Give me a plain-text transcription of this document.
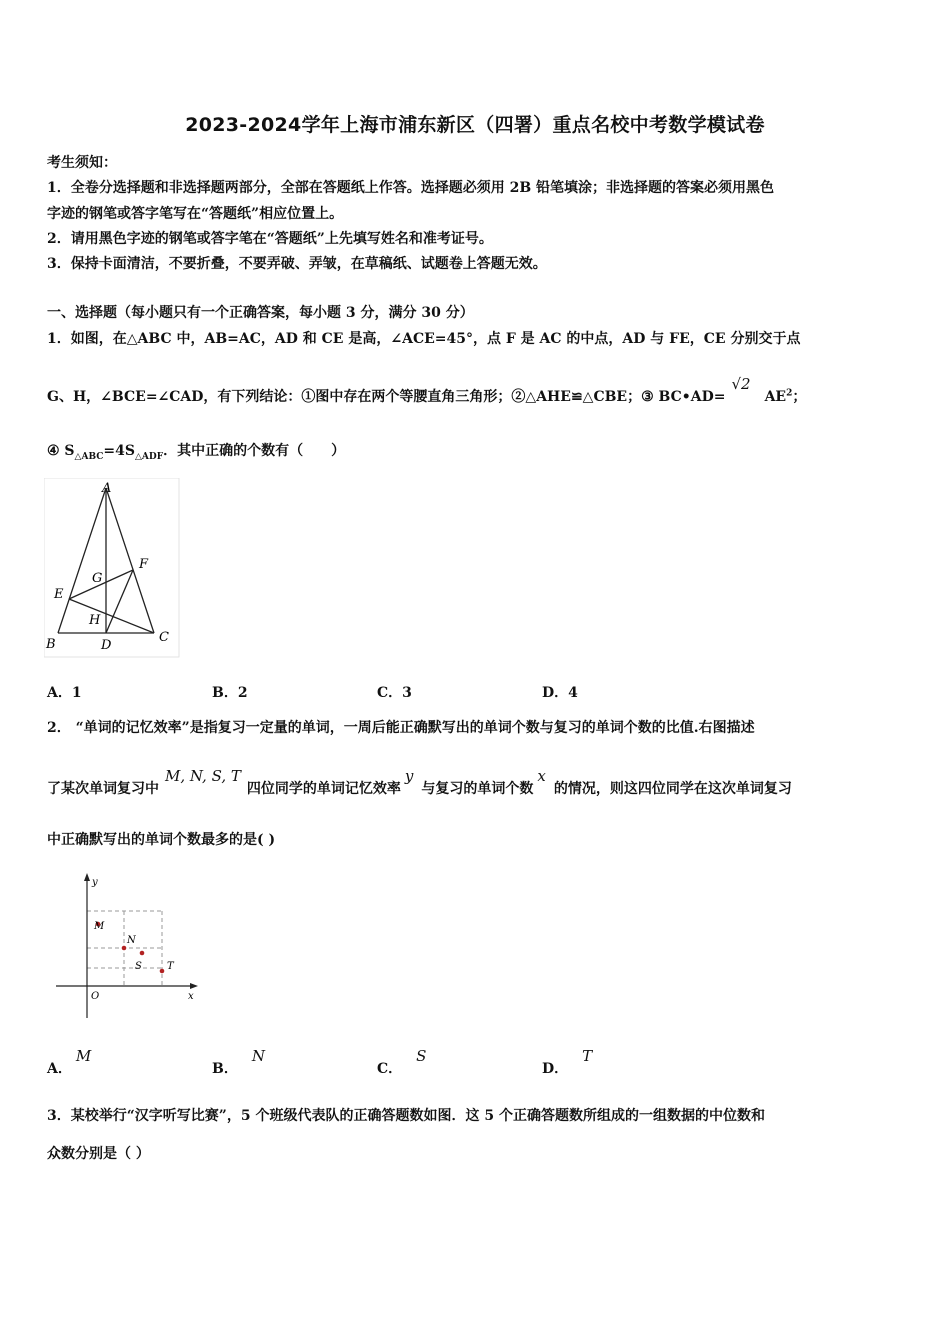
2023-2024学年上海市浦东新区（四署）重点名校中考数学模试卷
考生须知：
1．全卷分选择题和非选择题两部分，全部在答题纸上作答。选择题必须用 2B 铅笔填涂；非选择题的答案必须用黑色
字迹的钢笔或答字笔写在“答题纸”相应位置上。
2．请用黑色字迹的钢笔或答字笔在“答题纸”上先填写姓名和准考证号。
3．保持卡面清洁，不要折叠，不要弄破、弄皱，在草稿纸、试题卷上答题无效。
一、选择题（每小题只有一个正确答案，每小题 3 分，满分 30 分）
1．如图，在△ABC 中，AB=AC，AD 和 CE 是高，∠ACE=45°，点 F 是 AC 的中点，AD 与 FE，CE 分别交于点
G、H，∠BCE=∠CAD，有下列结论：①图中存在两个等腰直角三角形；②△AHE≌△CBE；③ $BC•AD=√2AE^2$；
④ $S_{\triangle ABC}=4S_{\triangle ADF}$．其中正确的个数有（　　）
A
B	C
D
E
F
G
H
A．1	B．2	C．3	D．4
2． “单词的记忆效率”是指复习一定量的单词，一周后能正确默写出的单词个数与复习的单词个数的比值.右图描述
了某次单词复习中M, N, S, T四位同学的单词记忆效率y与复习的单词个数x的情况，则这四位同学在这次单词复习
中正确默写出的单词个数最多的是( )
y
x
O
M
N
S	T
A．M
B．N
C．S
D．T
3．某校举行“汉字听写比赛”，5 个班级代表队的正确答题数如图．这 5 个正确答题数所组成的一组数据的中位数和
众数分别是（ ）
